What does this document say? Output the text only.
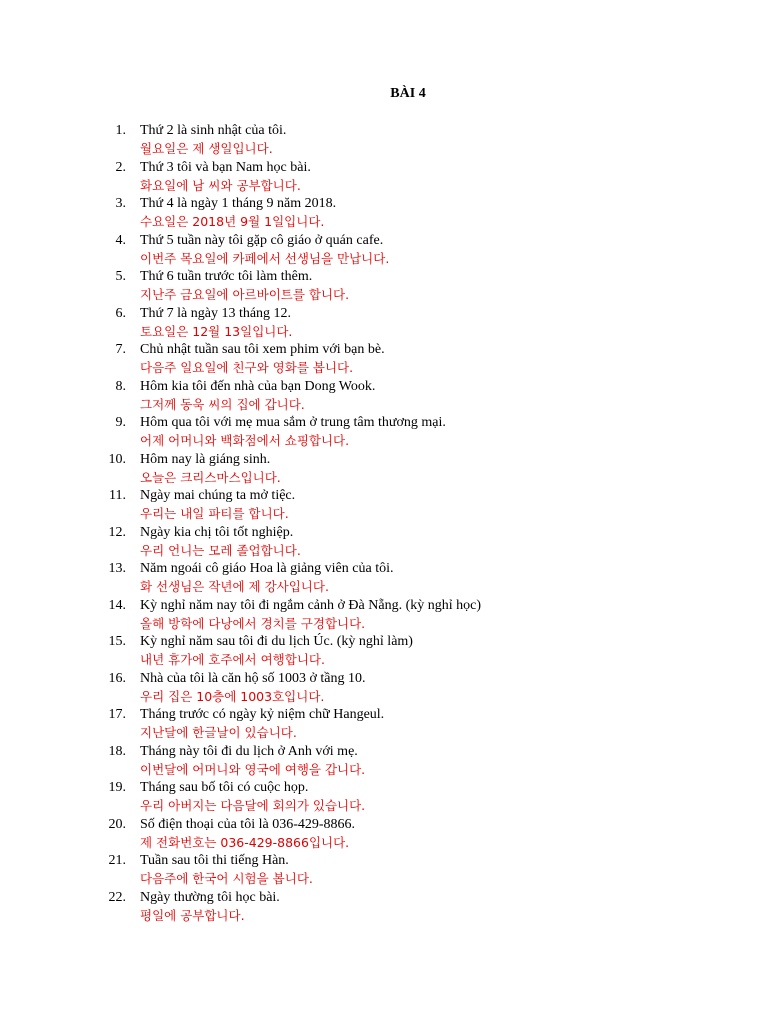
BÀI 4
1. Thứ 2 là sinh nhật của tôi.
월요일은 제 생일입니다.
2. Thứ 3 tôi và bạn Nam học bài.
화요일에 남 씨와 공부합니다.
3. Thứ 4 là ngày 1 tháng 9 năm 2018.
수요일은 2018년 9월 1일입니다.
4. Thứ 5 tuần này tôi gặp cô giáo ở quán cafe.
이번주 목요일에 카페에서 선생님을 만납니다.
5. Thứ 6 tuần trước tôi làm thêm.
지난주 금요일에 아르바이트를 합니다.
6. Thứ 7 là ngày 13 tháng 12.
토요일은 12월 13일입니다.
7. Chủ nhật tuần sau tôi xem phim với bạn bè.
다음주 일요일에 친구와 영화를 봅니다.
8. Hôm kia tôi đến nhà của bạn Dong Wook.
그저께 동욱 씨의 집에 갑니다.
9. Hôm qua tôi với mẹ mua sắm ở trung tâm thương mại.
어제 어머니와 백화점에서 쇼핑합니다.
10. Hôm nay là giáng sinh.
오늘은 크리스마스입니다.
11. Ngày mai chúng ta mở tiệc.
우리는 내일 파티를 합니다.
12. Ngày kia chị tôi tốt nghiệp.
우리 언니는 모레 졸업합니다.
13. Năm ngoái cô giáo Hoa là giảng viên của tôi.
화 선생님은 작년에 제 강사입니다.
14. Kỳ nghỉ năm nay tôi đi ngắm cảnh ở Đà Nẵng. (kỳ nghỉ học)
올해 방학에 다낭에서 경치를 구경합니다.
15. Kỳ nghỉ năm sau tôi đi du lịch Úc. (kỳ nghỉ làm)
내년 휴가에 호주에서 여행합니다.
16. Nhà của tôi là căn hộ số 1003 ở tầng 10.
우리 집은 10층에 1003호입니다.
17. Tháng trước có ngày kỷ niệm chữ Hangeul.
지난달에 한글날이 있습니다.
18. Tháng này tôi đi du lịch ở Anh với mẹ.
이번달에 어머니와 영국에 여행을 갑니다.
19. Tháng sau bố tôi có cuộc họp.
우리 아버지는 다음달에 회의가 있습니다.
20. Số điện thoại của tôi là 036-429-8866.
제 전화번호는 036-429-8866입니다.
21. Tuần sau tôi thi tiếng Hàn.
다음주에 한국어 시험을 봅니다.
22. Ngày thường tôi học bài.
평일에 공부합니다.
